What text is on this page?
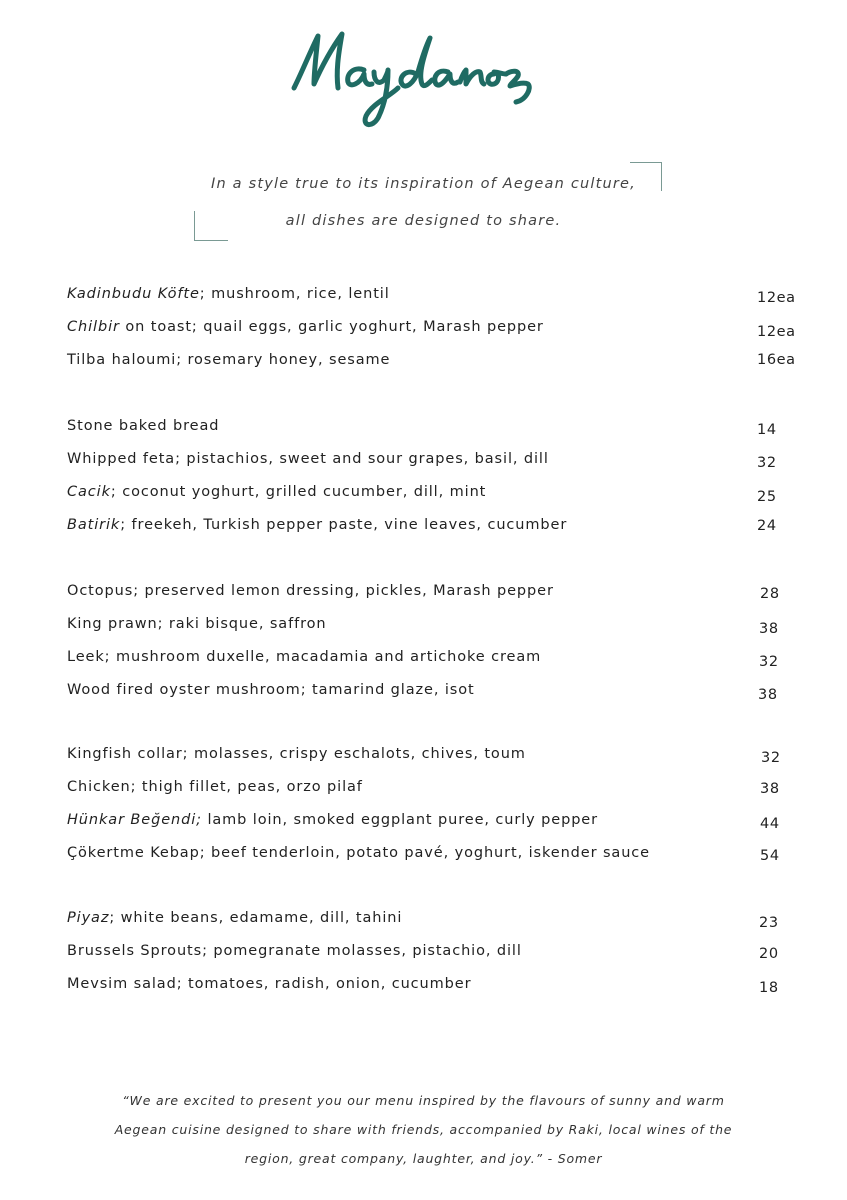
In a style true to its inspiration of Aegean culture,
all dishes are designed to share.
Kadinbudu Köfte; mushroom, rice, lentil	12ea
Chilbir on toast; quail eggs, garlic yoghurt, Marash pepper	12ea
Tilba haloumi; rosemary honey, sesame	16ea
Stone baked bread	14
Whipped feta; pistachios, sweet and sour grapes, basil, dill	32
Cacik; coconut yoghurt, grilled cucumber, dill, mint	25
Batirik; freekeh, Turkish pepper paste, vine leaves, cucumber	24
Octopus; preserved lemon dressing, pickles, Marash pepper	28
King prawn; raki bisque, saffron	38
Leek; mushroom duxelle, macadamia and artichoke cream	32
Wood fired oyster mushroom; tamarind glaze, isot	38
Kingfish collar; molasses, crispy eschalots, chives, toum	32
Chicken; thigh fillet, peas, orzo pilaf	38
Hünkar Beğendi; lamb loin, smoked eggplant puree, curly pepper	44
Çökertme Kebap; beef tenderloin, potato pavé, yoghurt, iskender sauce	54
Piyaz; white beans, edamame, dill, tahini	23
Brussels Sprouts; pomegranate molasses, pistachio, dill	20
Mevsim salad; tomatoes, radish, onion, cucumber	18
“We are excited to present you our menu inspired by the flavours of sunny and warm
Aegean cuisine designed to share with friends, accompanied by Raki, local wines of the
region, great company, laughter, and joy.” - Somer
